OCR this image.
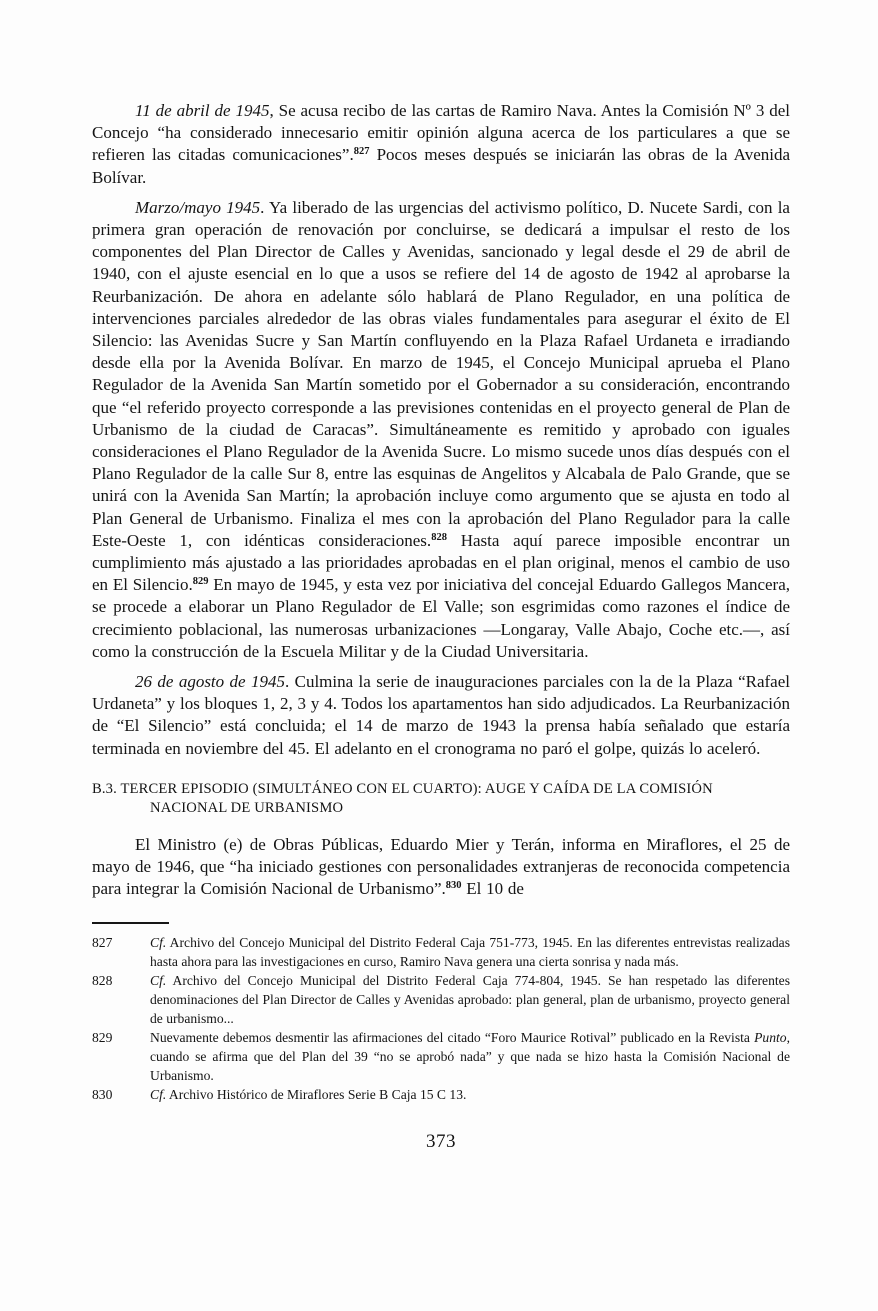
11 de abril de 1945, Se acusa recibo de las cartas de Ramiro Nava. Antes la Comisión Nº 3 del Concejo “ha considerado innecesario emitir opinión alguna acerca de los particulares a que se refieren las citadas comunicaciones”.$^{827}$ Pocos meses después se iniciarán las obras de la Avenida Bolívar.

Marzo/mayo 1945. Ya liberado de las urgencias del activismo político, D. Nucete Sardi, con la primera gran operación de renovación por concluirse, se dedicará a impulsar el resto de los componentes del Plan Director de Calles y Avenidas, sancionado y legal desde el 29 de abril de 1940, con el ajuste esencial en lo que a usos se refiere del 14 de agosto de 1942 al aprobarse la Reurbanización. De ahora en adelante sólo hablará de Plano Regulador, en una política de intervenciones parciales alrededor de las obras viales fundamentales para asegurar el éxito de El Silencio: las Avenidas Sucre y San Martín confluyendo en la Plaza Rafael Urdaneta e irradiando desde ella por la Avenida Bolívar. En marzo de 1945, el Concejo Municipal aprueba el Plano Regulador de la Avenida San Martín sometido por el Gobernador a su consideración, encontrando que “el referido proyecto corresponde a las previsiones contenidas en el proyecto general de Plan de Urbanismo de la ciudad de Caracas”. Simultáneamente es remitido y aprobado con iguales consideraciones el Plano Regulador de la Avenida Sucre. Lo mismo sucede unos días después con el Plano Regulador de la calle Sur 8, entre las esquinas de Angelitos y Alcabala de Palo Grande, que se unirá con la Avenida San Martín; la aprobación incluye como argumento que se ajusta en todo al Plan General de Urbanismo. Finaliza el mes con la aprobación del Plano Regulador para la calle Este-Oeste 1, con idénticas consideraciones.$^{828}$ Hasta aquí parece imposible encontrar un cumplimiento más ajustado a las prioridades aprobadas en el plan original, menos el cambio de uso en El Silencio.$^{829}$ En mayo de 1945, y esta vez por iniciativa del concejal Eduardo Gallegos Mancera, se procede a elaborar un Plano Regulador de El Valle; son esgrimidas como razones el índice de crecimiento poblacional, las numerosas urbanizaciones —Longaray, Valle Abajo, Coche etc.—, así como la construcción de la Escuela Militar y de la Ciudad Universitaria.

26 de agosto de 1945. Culmina la serie de inauguraciones parciales con la de la Plaza “Rafael Urdaneta” y los bloques 1, 2, 3 y 4. Todos los apartamentos han sido adjudicados. La Reurbanización de “El Silencio” está concluida; el 14 de marzo de 1943 la prensa había señalado que estaría terminada en noviembre del 45. El adelanto en el cronograma no paró el golpe, quizás lo aceleró.

B.3. TERCER EPISODIO (SIMULTÁNEO CON EL CUARTO): AUGE Y CAÍDA DE LA COMISIÓN
NACIONAL DE URBANISMO

El Ministro (e) de Obras Públicas, Eduardo Mier y Terán, informa en Miraflores, el 25 de mayo de 1946, que “ha iniciado gestiones con personalidades extranjeras de reconocida competencia para integrar la Comisión Nacional de Urbanismo”.$^{830}$ El 10 de

827	Cf. Archivo del Concejo Municipal del Distrito Federal Caja 751-773, 1945. En las diferentes entrevistas realizadas hasta ahora para las investigaciones en curso, Ramiro Nava genera una cierta sonrisa y nada más.
828	Cf. Archivo del Concejo Municipal del Distrito Federal Caja 774-804, 1945. Se han respetado las diferentes denominaciones del Plan Director de Calles y Avenidas aprobado: plan general, plan de urbanismo, proyecto general de urbanismo...
829	Nuevamente debemos desmentir las afirmaciones del citado “Foro Maurice Rotival” publicado en la Revista Punto, cuando se afirma que del Plan del 39 “no se aprobó nada” y que nada se hizo hasta la Comisión Nacional de Urbanismo.
830	Cf. Archivo Histórico de Miraflores Serie B Caja 15 C 13.
373
